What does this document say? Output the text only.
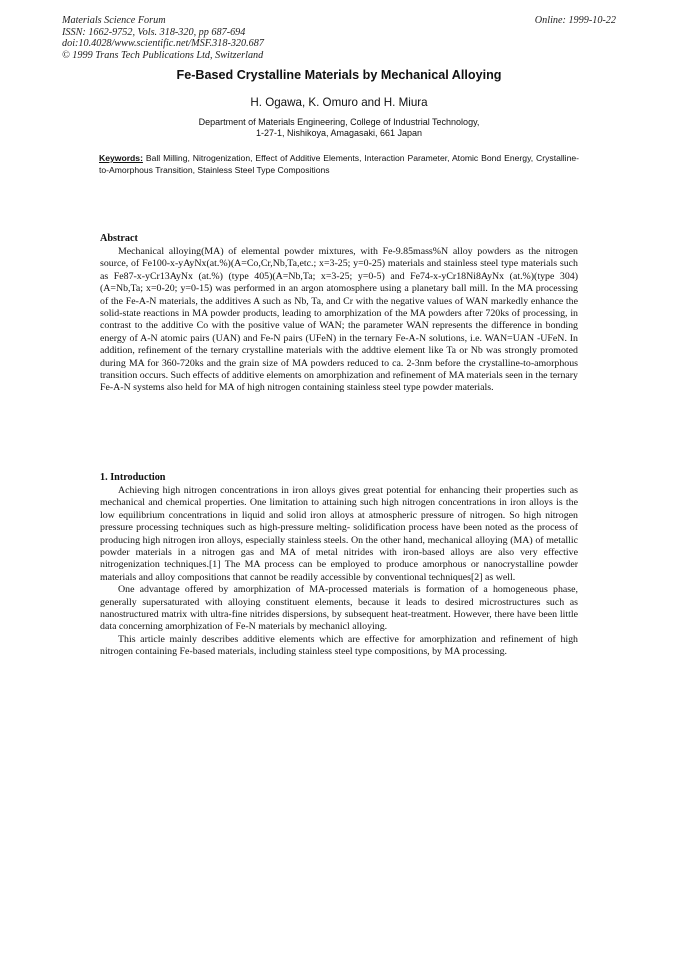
Materials Science Forum
ISSN: 1662-9752, Vols. 318-320, pp 687-694
doi:10.4028/www.scientific.net/MSF.318-320.687
© 1999 Trans Tech Publications Ltd, Switzerland
Online: 1999-10-22
Fe-Based Crystalline Materials by Mechanical Alloying
H. Ogawa, K. Omuro and H. Miura
Department of Materials Engineering, College of Industrial Technology,
1-27-1, Nishikoya, Amagasaki, 661 Japan
Keywords: Ball Milling, Nitrogenization, Effect of Additive Elements, Interaction Parameter, Atomic Bond Energy, Crystalline-to-Amorphous Transition, Stainless Steel Type Compositions
Abstract

Mechanical alloying(MA) of elemental powder mixtures, with Fe-9.85mass%N alloy powders as the nitrogen source, of Fe100-x-yAyNx(at.%)(A=Co,Cr,Nb,Ta,etc.; x=3-25; y=0-25) materials and stainless steel type materials such as Fe87-x-yCr13AyNx (at.%) (type 405)(A=Nb,Ta; x=3-25; y=0-5) and Fe74-x-yCr18Ni8AyNx (at.%)(type 304) (A=Nb,Ta; x=0-20; y=0-15) was performed in an argon atomosphere using a planetary ball mill. In the MA processing of the Fe-A-N materials, the additives A such as Nb, Ta, and Cr with the negative values of WAN markedly enhance the solid-state reactions in MA powder products, leading to amorphization of the MA powders after 720ks of processing, in contrast to the additive Co with the positive value of WAN; the parameter WAN represents the difference in bonding energy of A-N atomic pairs (UAN) and Fe-N pairs (UFeN) in the ternary Fe-A-N solutions, i.e. WAN=UAN -UFeN. In addition, refinement of the ternary crystalline materials with the addtive element like Ta or Nb was strongly promoted during MA for 360-720ks and the grain size of MA powders reduced to ca. 2-3nm before the crystalline-to-amorphous transition occurs. Such effects of additive elements on amorphization and refinement of MA materials seen in the ternary Fe-A-N systems also held for MA of high nitrogen containing stainless steel type powder materials.

1. Introduction

Achieving high nitrogen concentrations in iron alloys gives great potential for enhancing their properties such as mechanical and chemical properties. One limitation to attaining such high nitrogen concentrations in iron alloys is the low equilibrium concentrations in liquid and solid iron alloys at atmospheric pressure of nitrogen. So high nitrogen pressure processing techniques such as high-pressure melting- solidification process have been noted as the process of producing high nitrogen iron alloys, especially stainless steels. On the other hand, mechanical alloying (MA) of metallic powder materials in a nitrogen gas and MA of metal nitrides with iron-based alloys are also very effective nitrogenization techniques.[1] The MA process can be employed to produce amorphous or nanocrystalline powder materials and alloy compositions that cannot be readily accessible by conventional techniques[2] as well.

One advantage offered by amorphization of MA-processed materials is formation of a homogeneous phase, generally supersaturated with alloying constituent elements, because it leads to desired microstructures such as nanostructured matrix with ultra-fine nitrides dispersions, by subsequent heat-treatment. However, there have been little data concerning amorphization of Fe-N materials by mechanicl alloying.

This article mainly describes additive elements which are effective for amorphization and refinement of high nitrogen containing Fe-based materials, including stainless steel type compositions, by MA processing.
